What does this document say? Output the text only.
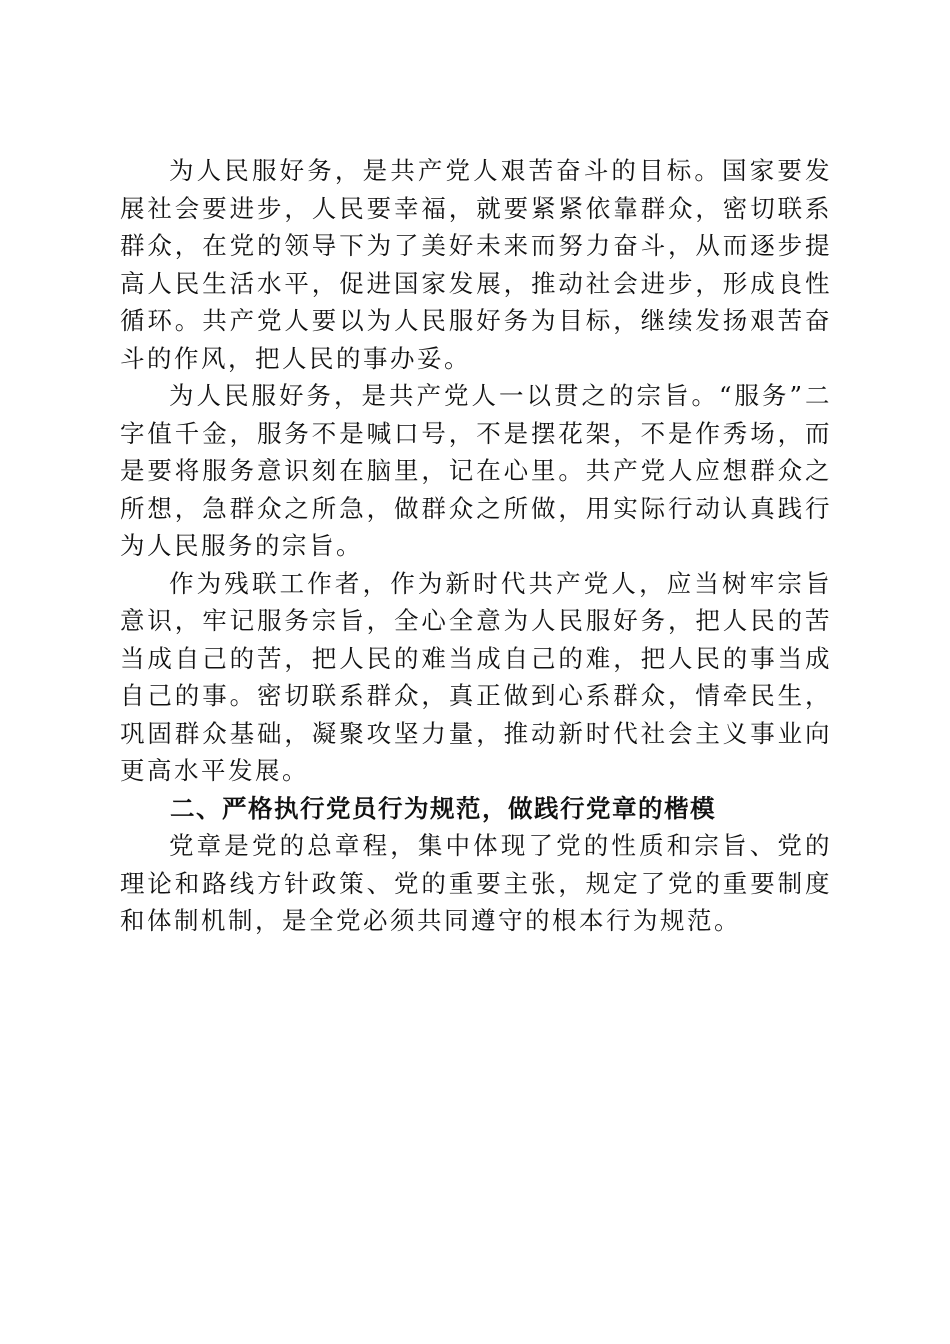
为人民服好务，是共产党人艰苦奋斗的目标。国家要发展社会要进步，人民要幸福，就要紧紧依靠群众，密切联系群众，在党的领导下为了美好未来而努力奋斗，从而逐步提高人民生活水平，促进国家发展，推动社会进步，形成良性循环。共产党人要以为人民服好务为目标，继续发扬艰苦奋斗的作风，把人民的事办妥。

为人民服好务，是共产党人一以贯之的宗旨。“服务”二字值千金，服务不是喊口号，不是摆花架，不是作秀场，而是要将服务意识刻在脑里，记在心里。共产党人应想群众之所想，急群众之所急，做群众之所做，用实际行动认真践行为人民服务的宗旨。

作为残联工作者，作为新时代共产党人，应当树牢宗旨意识，牢记服务宗旨，全心全意为人民服好务，把人民的苦当成自己的苦，把人民的难当成自己的难，把人民的事当成自己的事。密切联系群众，真正做到心系群众，情牵民生，巩固群众基础，凝聚攻坚力量，推动新时代社会主义事业向更高水平发展。

二、严格执行党员行为规范，做践行党章的楷模

党章是党的总章程，集中体现了党的性质和宗旨、党的理论和路线方针政策、党的重要主张，规定了党的重要制度和体制机制，是全党必须共同遵守的根本行为规范。
